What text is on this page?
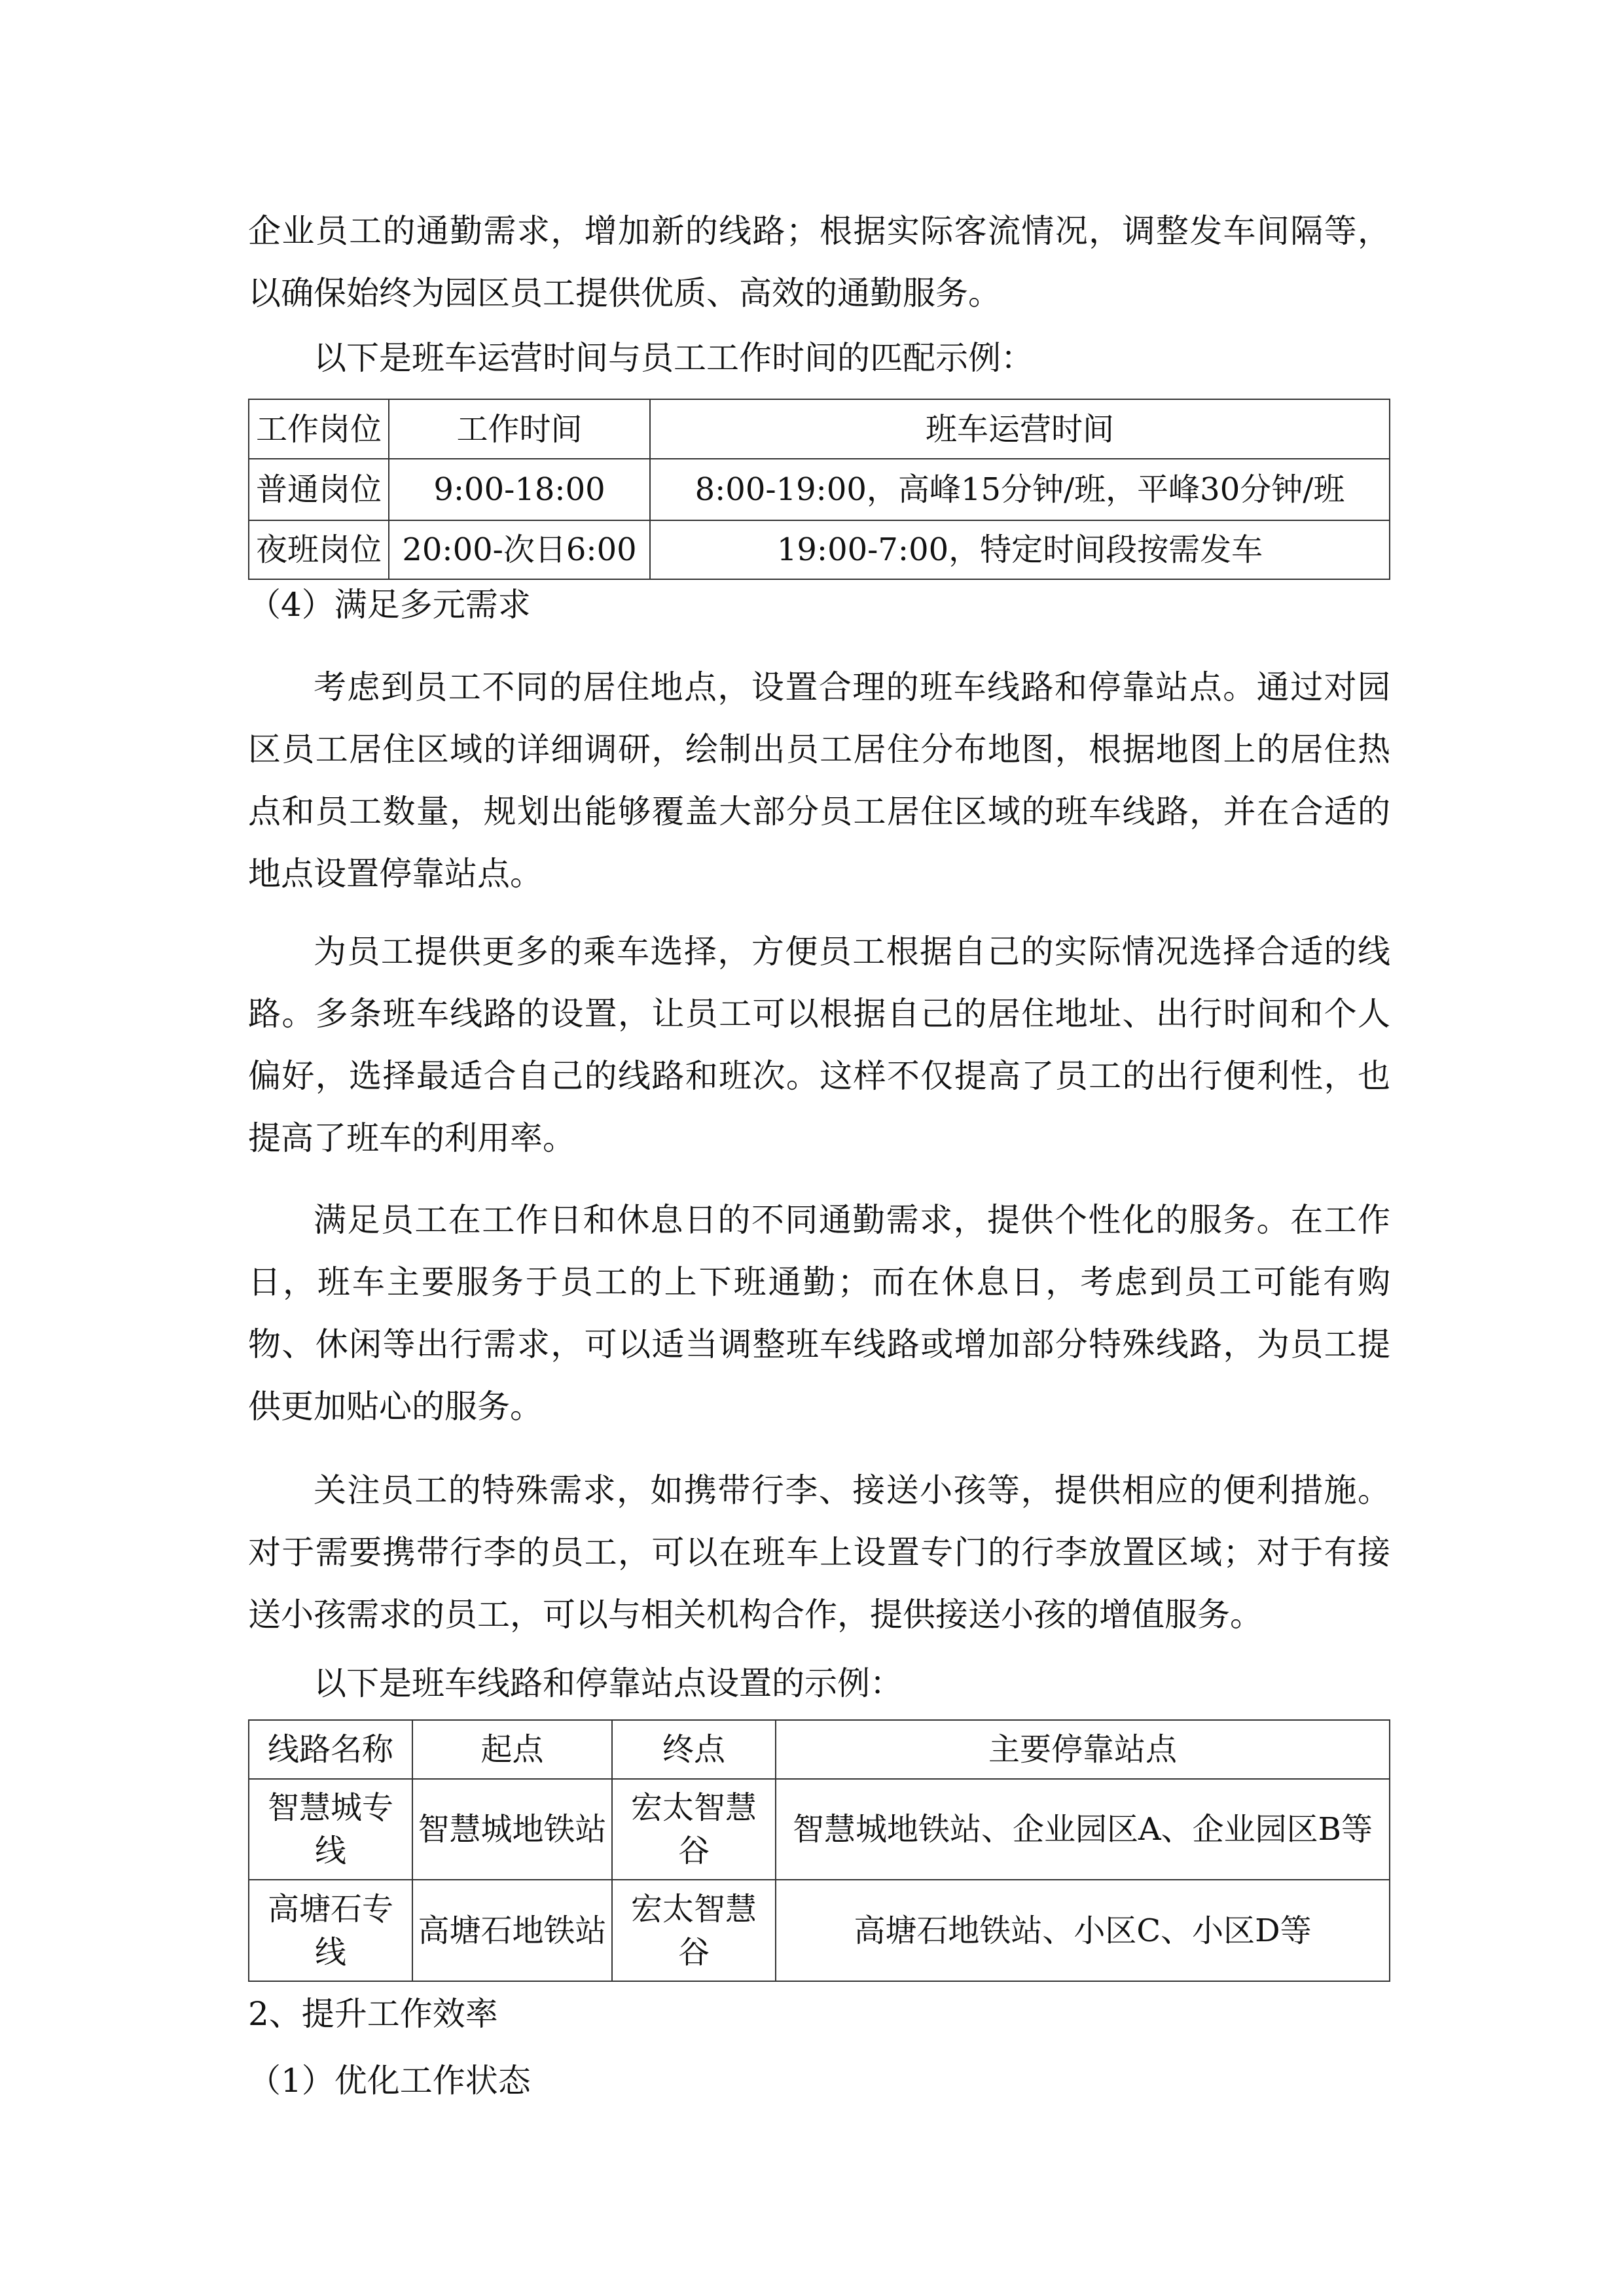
企业员工的通勤需求，增加新的线路；根据实际客流情况，调整发车间隔等，
以确保始终为园区员工提供优质、高效的通勤服务。
以下是班车运营时间与员工工作时间的匹配示例：
工作岗位	工作时间	班车运营时间
普通岗位	9:00-18:00	8:00-19:00，高峰15分钟/班，平峰30分钟/班
夜班岗位	20:00-次日6:00	19:00-7:00，特定时间段按需发车
（4）满足多元需求
考虑到员工不同的居住地点，设置合理的班车线路和停靠站点。通过对园
区员工居住区域的详细调研，绘制出员工居住分布地图，根据地图上的居住热
点和员工数量，规划出能够覆盖大部分员工居住区域的班车线路，并在合适的
地点设置停靠站点。
为员工提供更多的乘车选择，方便员工根据自己的实际情况选择合适的线
路。多条班车线路的设置，让员工可以根据自己的居住地址、出行时间和个人
偏好，选择最适合自己的线路和班次。这样不仅提高了员工的出行便利性，也
提高了班车的利用率。
满足员工在工作日和休息日的不同通勤需求，提供个性化的服务。在工作
日，班车主要服务于员工的上下班通勤；而在休息日，考虑到员工可能有购
物、休闲等出行需求，可以适当调整班车线路或增加部分特殊线路，为员工提
供更加贴心的服务。
关注员工的特殊需求，如携带行李、接送小孩等，提供相应的便利措施。
对于需要携带行李的员工，可以在班车上设置专门的行李放置区域；对于有接
送小孩需求的员工，可以与相关机构合作，提供接送小孩的增值服务。
以下是班车线路和停靠站点设置的示例：
线路名称	起点	终点	主要停靠站点
智慧城专线	智慧城地铁站	宏太智慧谷	智慧城地铁站、企业园区A、企业园区B等
高塘石专线	高塘石地铁站	宏太智慧谷	高塘石地铁站、小区C、小区D等
2、提升工作效率
（1）优化工作状态
